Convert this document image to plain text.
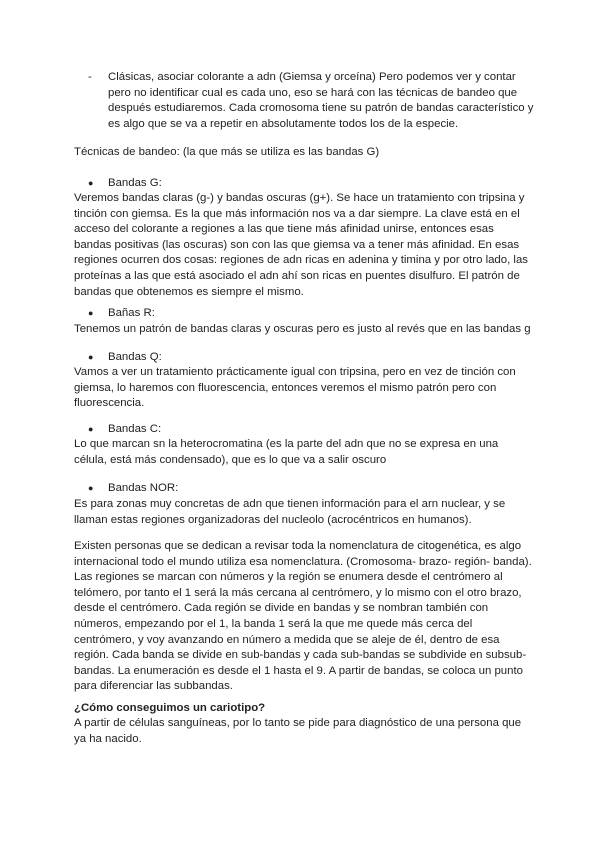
- Clásicas, asociar colorante a adn (Giemsa y orceína) Pero podemos ver y contar pero no identificar cual es cada uno, eso se hará con las técnicas de bandeo que después estudiaremos. Cada cromosoma tiene su patrón de bandas característico y es algo que se va a repetir en absolutamente todos los de la especie.

Técnicas de bandeo: (la que más se utiliza es las bandas G)

● Bandas G:

Veremos bandas claras (g-) y bandas oscuras (g+). Se hace un tratamiento con tripsina y tinción con giemsa. Es la que más información nos va a dar siempre. La clave está en el acceso del colorante a regiones a las que tiene más afinidad unirse, entonces esas bandas positivas (las oscuras) son con las que giemsa va a tener más afinidad. En esas regiones ocurren dos cosas: regiones de adn ricas en adenina y timina y por otro lado, las proteínas a las que está asociado el adn ahí son ricas en puentes disulfuro. El patrón de bandas que obtenemos es siempre el mismo.

● Bañas R:

Tenemos un patrón de bandas claras y oscuras pero es justo al revés que en las bandas g

● Bandas Q:

Vamos a ver un tratamiento prácticamente igual con tripsina, pero en vez de tinción con giemsa, lo haremos con fluorescencia, entonces veremos el mismo patrón pero con fluorescencia.

● Bandas C:

Lo que marcan sn la heterocromatina (es la parte del adn que no se expresa en una célula, está más condensado), que es lo que va a salir oscuro

● Bandas NOR:

Es para zonas muy concretas de adn que tienen información para el arn nuclear, y se llaman estas regiones organizadoras del nucleolo (acrocéntricos en humanos).

Existen personas que se dedican a revisar toda la nomenclatura de citogenética, es algo internacional todo el mundo utiliza esa nomenclatura. (Cromosoma- brazo- región- banda). Las regiones se marcan con números y la región se enumera desde el centrómero al telómero, por tanto el 1 será la más cercana al centrómero, y lo mismo con el otro brazo, desde el centrómero. Cada región se divide en bandas y se nombran también con números, empezando por el 1, la banda 1 será la que me quede más cerca del centrómero, y voy avanzando en número a medida que se aleje de él, dentro de esa región. Cada banda se divide en sub-bandas y cada sub-bandas se subdivide en subsub-bandas. La enumeración es desde el 1 hasta el 9. A partir de bandas, se coloca un punto para diferenciar las subbandas.

¿Cómo conseguimos un cariotipo?

A partir de células sanguíneas, por lo tanto se pide para diagnóstico de una persona que ya ha nacido.
